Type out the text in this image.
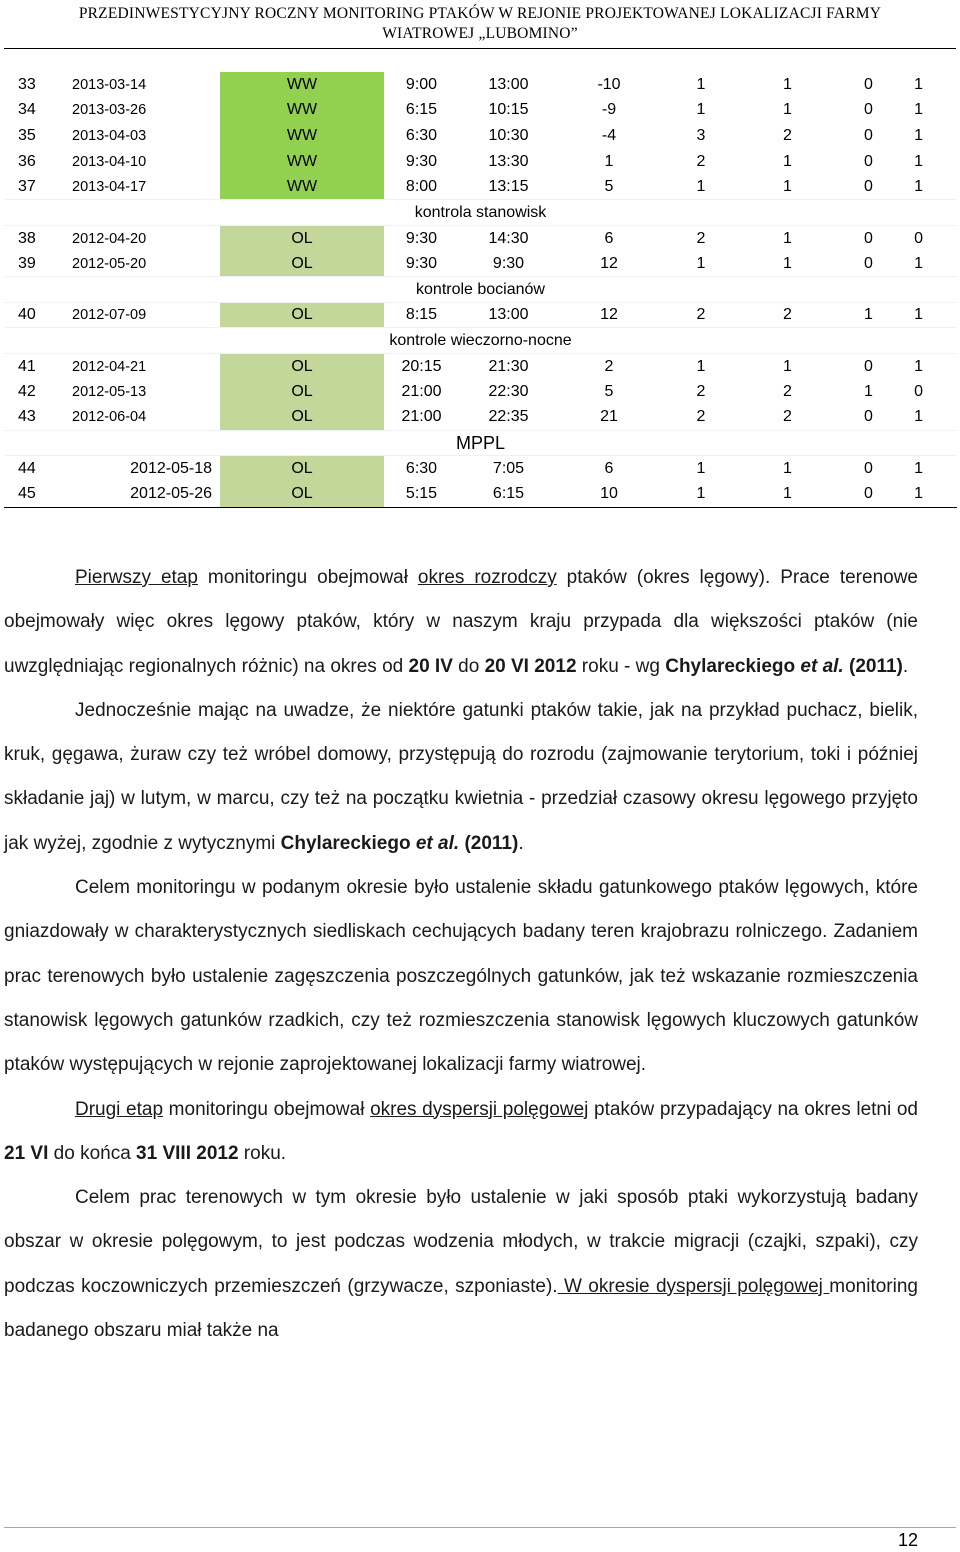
PRZEDINWESTYCYJNY ROCZNY MONITORING PTAKÓW W REJONIE PROJEKTOWANEJ LOKALIZACJI FARMY
WIATROWEJ „LUBOMINO”
33	2013-03-14	WW	9:00	13:00	-10	1	1	0	1
34	2013-03-26	WW	6:15	10:15	-9	1	1	0	1
35	2013-04-03	WW	6:30	10:30	-4	3	2	0	1
36	2013-04-10	WW	9:30	13:30	1	2	1	0	1
37	2013-04-17	WW	8:00	13:15	5	1	1	0	1
kontrola stanowisk									
38	2012-04-20	OL	9:30	14:30	6	2	1	0	0
39	2012-05-20	OL	9:30	9:30	12	1	1	0	1
kontrole bocianów									
40	2012-07-09	OL	8:15	13:00	12	2	2	1	1
kontrole wieczorno-nocne									
41	2012-04-21	OL	20:15	21:30	2	1	1	0	1
42	2012-05-13	OL	21:00	22:30	5	2	2	1	0
43	2012-06-04	OL	21:00	22:35	21	2	2	0	1
MPPL									
44	2012-05-18	OL	6:30	7:05	6	1	1	0	1
45	2012-05-26	OL	5:15	6:15	10	1	1	0	1

Pierwszy etap monitoringu obejmował okres rozrodczy ptaków (okres lęgowy). Prace terenowe obejmowały więc okres lęgowy ptaków, który w naszym kraju przypada dla większości ptaków (nie uwzględniając regionalnych różnic) na okres od 20 IV do 20 VI 2012 roku - wg Chylareckiego et al. (2011).

Jednocześnie mając na uwadze, że niektóre gatunki ptaków takie, jak na przykład puchacz, bielik, kruk, gęgawa, żuraw czy też wróbel domowy, przystępują do rozrodu (zajmowanie terytorium, toki i później składanie jaj) w lutym, w marcu, czy też na początku kwietnia - przedział czasowy okresu lęgowego przyjęto jak wyżej, zgodnie z wytycznymi Chylareckiego et al. (2011).

Celem monitoringu w podanym okresie było ustalenie składu gatunkowego ptaków lęgowych, które gniazdowały w charakterystycznych siedliskach cechujących badany teren krajobrazu rolniczego. Zadaniem prac terenowych było ustalenie zagęszczenia poszczególnych gatunków, jak też wskazanie rozmieszczenia stanowisk lęgowych gatunków rzadkich, czy też rozmieszczenia stanowisk lęgowych kluczowych gatunków ptaków występujących w rejonie zaprojektowanej lokalizacji farmy wiatrowej.

Drugi etap monitoringu obejmował okres dyspersji polęgowej ptaków przypadający na okres letni od 21 VI do końca 31 VIII 2012 roku.

Celem prac terenowych w tym okresie było ustalenie w jaki sposób ptaki wykorzystują badany obszar w okresie polęgowym, to jest podczas wodzenia młodych, w trakcie migracji (czajki, szpaki), czy podczas koczowniczych przemieszczeń (grzywacze, szponiaste). W okresie dyspersji polęgowej monitoring badanego obszaru miał także na

12
